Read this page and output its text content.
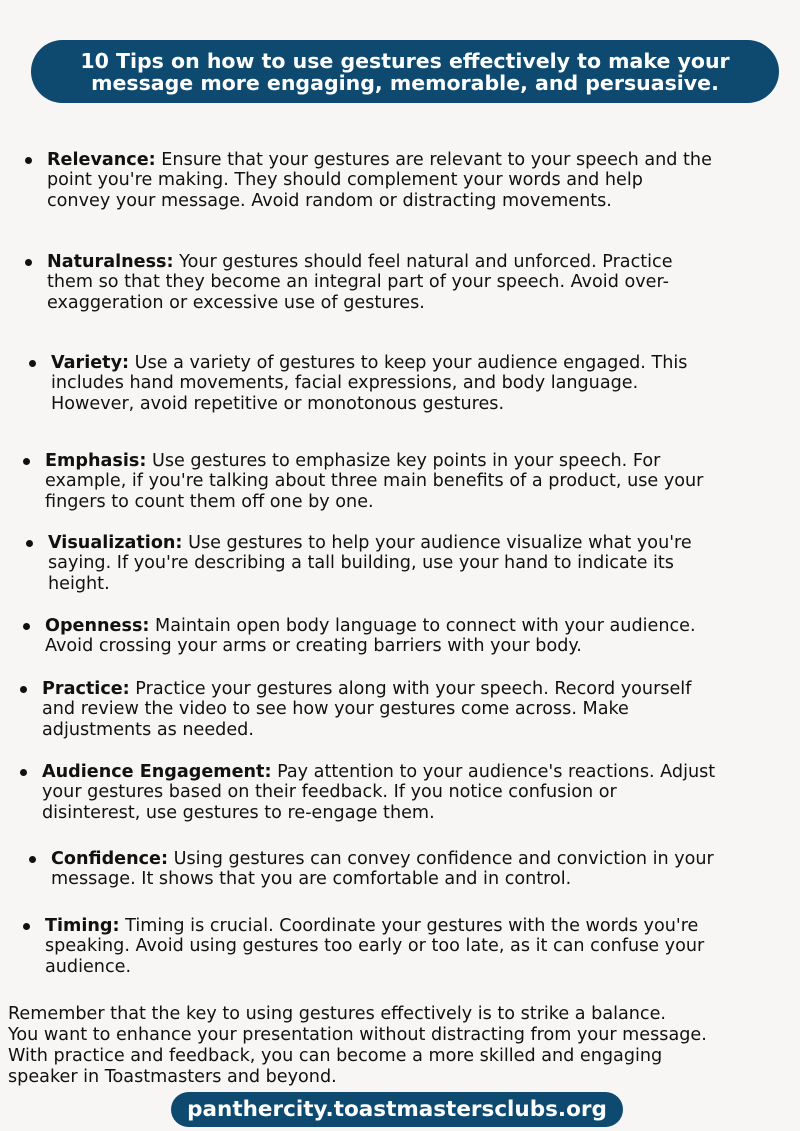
10 Tips on how to use gestures effectively to make your
message more engaging, memorable, and persuasive.
Relevance: Ensure that your gestures are relevant to your speech and the
point you're making. They should complement your words and help
convey your message. Avoid random or distracting movements.
Naturalness: Your gestures should feel natural and unforced. Practice
them so that they become an integral part of your speech. Avoid over-
exaggeration or excessive use of gestures.
Variety: Use a variety of gestures to keep your audience engaged. This
includes hand movements, facial expressions, and body language.
However, avoid repetitive or monotonous gestures.
Emphasis: Use gestures to emphasize key points in your speech. For
example, if you're talking about three main benefits of a product, use your
fingers to count them off one by one.
Visualization: Use gestures to help your audience visualize what you're
saying. If you're describing a tall building, use your hand to indicate its
height.
Openness: Maintain open body language to connect with your audience.
Avoid crossing your arms or creating barriers with your body.
Practice: Practice your gestures along with your speech. Record yourself
and review the video to see how your gestures come across. Make
adjustments as needed.
Audience Engagement: Pay attention to your audience's reactions. Adjust
your gestures based on their feedback. If you notice confusion or
disinterest, use gestures to re-engage them.
Confidence: Using gestures can convey confidence and conviction in your
message. It shows that you are comfortable and in control.
Timing: Timing is crucial. Coordinate your gestures with the words you're
speaking. Avoid using gestures too early or too late, as it can confuse your
audience.
Remember that the key to using gestures effectively is to strike a balance.
You want to enhance your presentation without distracting from your message.
With practice and feedback, you can become a more skilled and engaging
speaker in Toastmasters and beyond.
panthercity.toastmastersclubs.org
